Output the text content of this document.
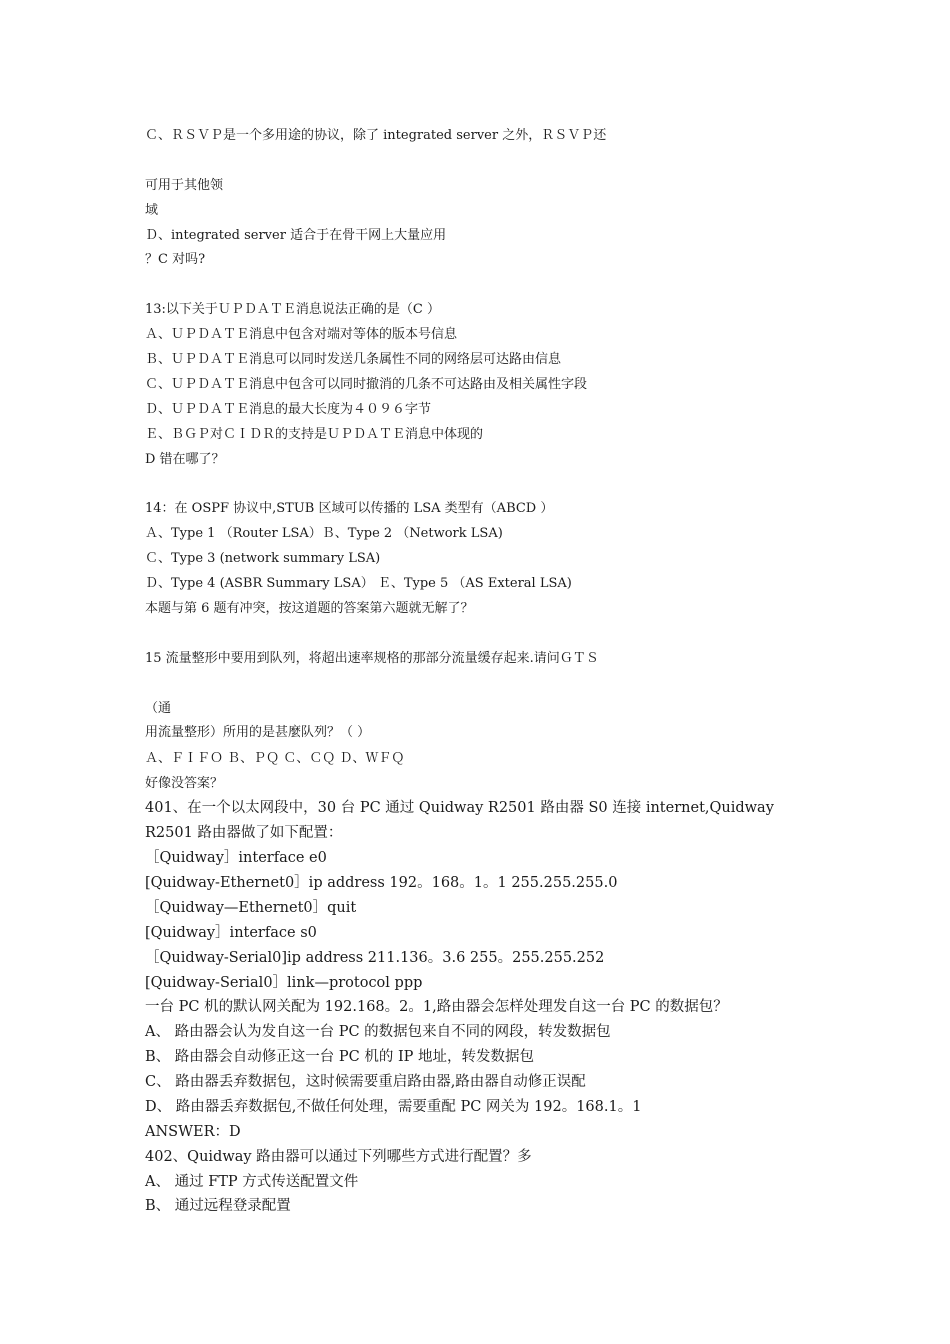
Ｃ、ＲＳＶＰ是一个多用途的协议，除了 integrated server 之外，ＲＳＶＰ还
可用于其他领
域
Ｄ、integrated server 适合于在骨干网上大量应用
？C 对吗?
13:以下关于ＵＰＤＡＴＥ消息说法正确的是（C ）
Ａ、ＵＰＤＡＴＥ消息中包含对端对等体的版本号信息
Ｂ、ＵＰＤＡＴＥ消息可以同时发送几条属性不同的网络层可达路由信息
Ｃ、ＵＰＤＡＴＥ消息中包含可以同时撤消的几条不可达路由及相关属性字段
Ｄ、ＵＰＤＡＴＥ消息的最大长度为４０９６字节
Ｅ、ＢＧＰ对ＣＩＤＲ的支持是ＵＰＤＡＴＥ消息中体现的
D 错在哪了？
14：在 OSPF 协议中,STUB 区域可以传播的 LSA 类型有（ABCD ）
Ａ、Type 1 （Router LSA）Ｂ、Type 2 （Network LSA)
Ｃ、Type 3 (network summary LSA)
Ｄ、Type 4 (ASBR Summary LSA） Ｅ、Type 5 （AS Exteral LSA)
本题与第 6 题有冲突，按这道题的答案第六题就无解了？
15 流量整形中要用到队列，将超出速率规格的那部分流量缓存起来.请问ＧＴＳ
（通
用流量整形）所用的是甚麼队列？（ ）
Ａ、ＦＩＦＯ Ｂ、ＰＱ Ｃ、ＣＱ Ｄ、ＷＦＱ
好像没答案？
401、在一个以太网段中，30 台 PC 通过 Quidway R2501 路由器 S0 连接 internet,Quidway
R2501 路由器做了如下配置：
［Quidway］interface e0
[Quidway-Ethernet0］ip address 192。168。1。1 255.255.255.0
［Quidway—Ethernet0］quit
[Quidway］interface s0
［Quidway-Serial0]ip address 211.136。3.6 255。255.255.252
[Quidway-Serial0］link—protocol ppp
一台 PC 机的默认网关配为 192.168。2。1,路由器会怎样处理发自这一台 PC 的数据包？
A、 路由器会认为发自这一台 PC 的数据包来自不同的网段，转发数据包
B、 路由器会自动修正这一台 PC 机的 IP 地址，转发数据包
C、 路由器丢弃数据包，这时候需要重启路由器,路由器自动修正误配
D、 路由器丢弃数据包,不做任何处理，需要重配 PC 网关为 192。168.1。1
ANSWER：D
402、Quidway 路由器可以通过下列哪些方式进行配置？多
A、 通过 FTP 方式传送配置文件
B、 通过远程登录配置
